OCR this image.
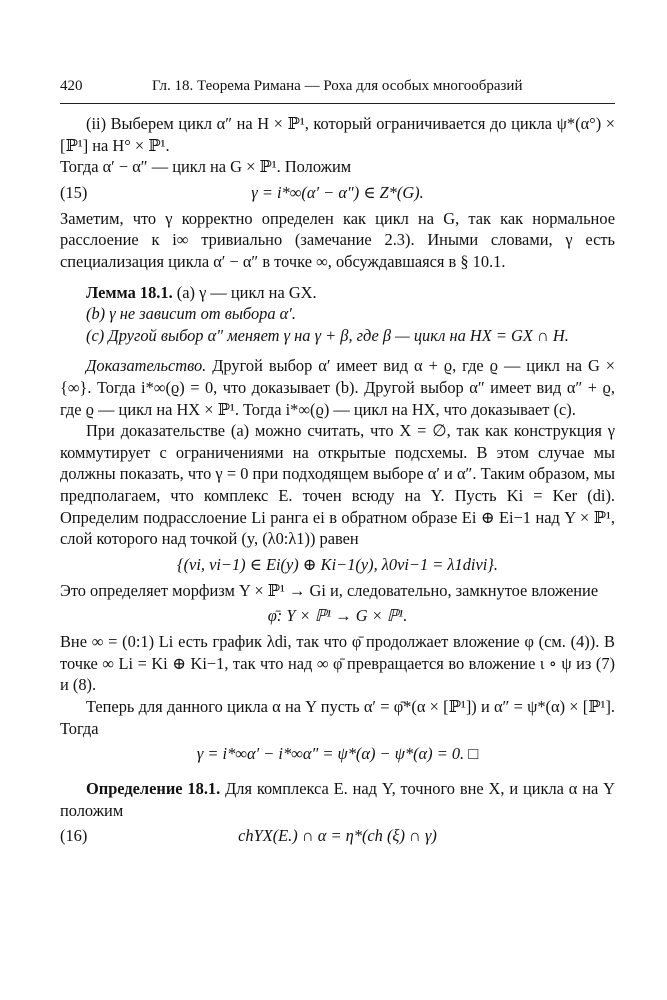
420	Гл. 18. Теорема Римана — Роха для особых многообразий

(ii) Выберем цикл α″ на H × ℙ¹, который ограничивается до цикла ψ*(α°) × [ℙ¹] на H° × ℙ¹.

Тогда α′ − α″ — цикл на G × ℙ¹. Положим

(15)	γ = i*∞(α′ − α″) ∈ Z*(G).

Заметим, что γ корректно определен как цикл на G, так как нормальное расслоение к i∞ тривиально (замечание 2.3). Иными словами, γ есть специализация цикла α′ − α″ в точке ∞, обсуждавшаяся в § 10.1.

Лемма 18.1. (a) γ — цикл на GX.

(b) γ не зависит от выбора α′.

(c) Другой выбор α″ меняет γ на γ + β, где β — цикл на HX = GX ∩ H.

Доказательство. Другой выбор α′ имеет вид α + ϱ, где ϱ — цикл на G × {∞}. Тогда i*∞(ϱ) = 0, что доказывает (b). Другой выбор α″ имеет вид α″ + ϱ, где ϱ — цикл на HX × ℙ¹. Тогда i*∞(ϱ) — цикл на HX, что доказывает (c).

При доказательстве (a) можно считать, что X = ∅, так как конструкция γ коммутирует с ограничениями на открытые подсхемы. В этом случае мы должны показать, что γ = 0 при подходящем выборе α′ и α″. Таким образом, мы предполагаем, что комплекс E. точен всюду на Y. Пусть Ki = Ker (di). Определим подрасслоение Li ранга ei в обратном образе Ei ⊕ Ei−1 над Y × ℙ¹, слой которого над точкой (y, (λ0:λ1)) равен

{(vi, vi−1) ∈ Ei(y) ⊕ Ki−1(y), λ0vi−1 = λ1divi}.

Это определяет морфизм Y × ℙ¹ → Gi и, следовательно, замкнутое вложение

φ̄: Y × ℙ¹ → G × ℙ¹.

Вне ∞ = (0:1) Li есть график λdi, так что φ̄ продолжает вложение φ (см. (4)). В точке ∞ Li = Ki ⊕ Ki−1, так что над ∞ φ̄ превращается во вложение ι ∘ ψ из (7) и (8).

Теперь для данного цикла α на Y пусть α′ = φ̄*(α × [ℙ¹]) и α″ = ψ*(α) × [ℙ¹]. Тогда

γ = i*∞α′ − i*∞α″ = ψ*(α) − ψ*(α) = 0. □

Определение 18.1. Для комплекса E. над Y, точного вне X, и цикла α на Y положим

(16)	chYX(E.) ∩ α = η*(ch (ξ) ∩ γ)
